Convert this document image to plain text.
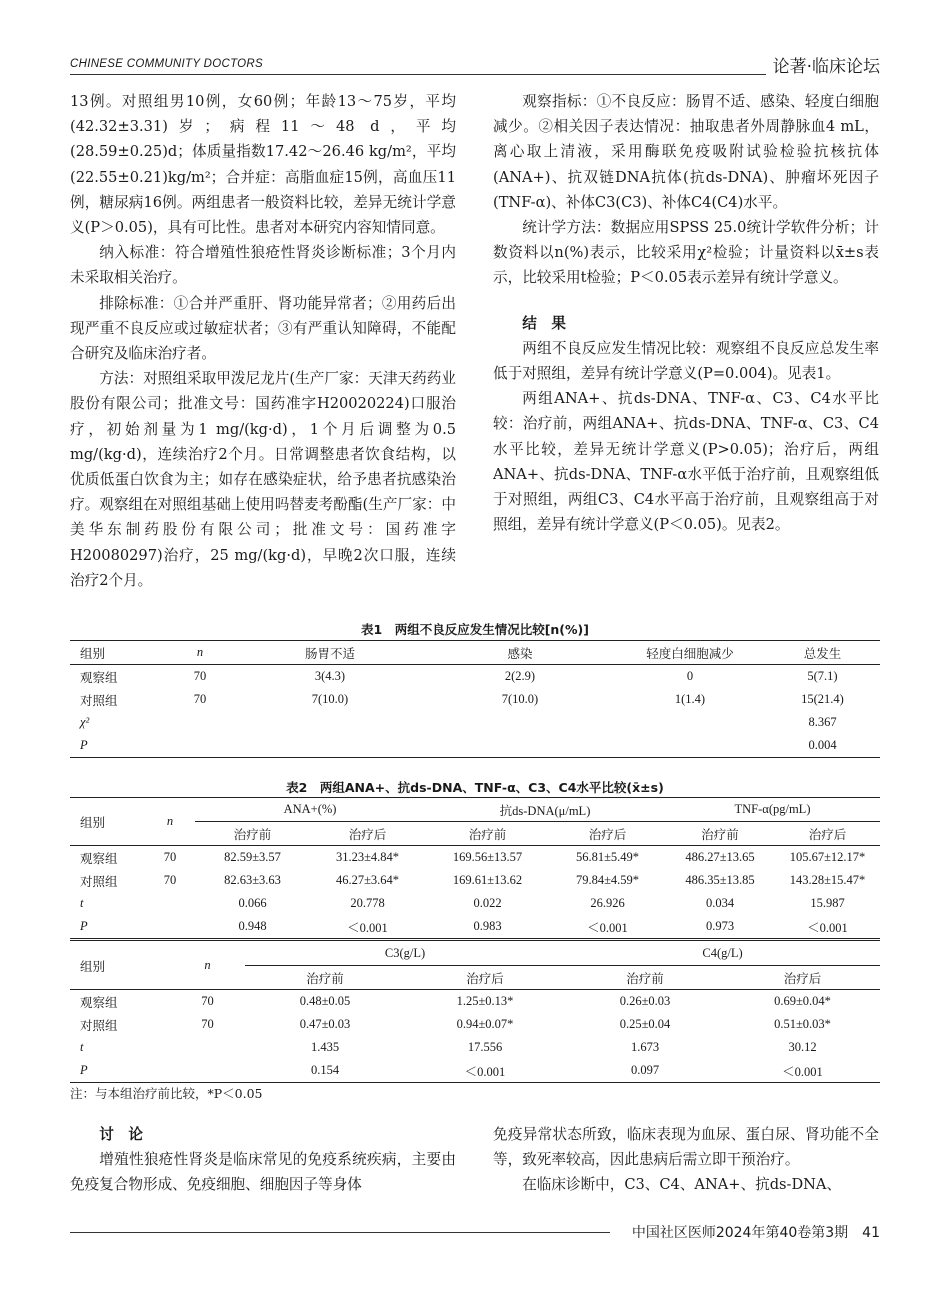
CHINESE COMMUNITY DOCTORS	论著·临床论坛

13例。对照组男10例，女60例；年龄13～75岁，平均(42.32±3.31)岁；病程11～48 d，平均(28.59±0.25)d；体质量指数17.42～26.46 kg/m²，平均(22.55±0.21)kg/m²；合并症：高脂血症15例，高血压11例，糖尿病16例。两组患者一般资料比较，差异无统计学意义(P＞0.05)，具有可比性。患者对本研究内容知情同意。

纳入标准：符合增殖性狼疮性肾炎诊断标准；3个月内未采取相关治疗。

排除标准：①合并严重肝、肾功能异常者；②用药后出现严重不良反应或过敏症状者；③有严重认知障碍，不能配合研究及临床治疗者。

方法：对照组采取甲泼尼龙片(生产厂家：天津天药药业股份有限公司；批准文号：国药准字H20020224)口服治疗，初始剂量为1 mg/(kg·d)，1个月后调整为0.5 mg/(kg·d)，连续治疗2个月。日常调整患者饮食结构，以优质低蛋白饮食为主；如存在感染症状，给予患者抗感染治疗。观察组在对照组基础上使用吗替麦考酚酯(生产厂家：中美华东制药股份有限公司；批准文号：国药准字H20080297)治疗，25 mg/(kg·d)，早晚2次口服，连续治疗2个月。

观察指标：①不良反应：肠胃不适、感染、轻度白细胞减少。②相关因子表达情况：抽取患者外周静脉血4 mL，离心取上清液，采用酶联免疫吸附试验检验抗核抗体(ANA+)、抗双链DNA抗体(抗ds-DNA)、肿瘤坏死因子(TNF-α)、补体C3(C3)、补体C4(C4)水平。

统计学方法：数据应用SPSS 25.0统计学软件分析；计数资料以n(%)表示，比较采用χ²检验；计量资料以x̄±s表示，比较采用t检验；P＜0.05表示差异有统计学意义。

结　果

两组不良反应发生情况比较：观察组不良反应总发生率低于对照组，差异有统计学意义(P=0.004)。见表1。

两组ANA+、抗ds-DNA、TNF-α、C3、C4水平比较：治疗前，两组ANA+、抗ds-DNA、TNF-α、C3、C4水平比较，差异无统计学意义(P>0.05)；治疗后，两组ANA+、抗ds-DNA、TNF-α水平低于治疗前，且观察组低于对照组，两组C3、C4水平高于治疗前，且观察组高于对照组，差异有统计学意义(P＜0.05)。见表2。

表1　两组不良反应发生情况比较[n(%)]
组别	n	肠胃不适	感染	轻度白细胞减少	总发生
观察组	70	3(4.3)	2(2.9)	0	5(7.1)
对照组	70	7(10.0)	7(10.0)	1(1.4)	15(21.4)
χ²					8.367
P					0.004
表2　两组ANA+、抗ds-DNA、TNF-α、C3、C4水平比较(x̄±s)
组别	n	ANA+(%)		抗ds-DNA(μ/mL)		TNF-α(pg/mL)	
		治疗前	治疗后	治疗前	治疗后	治疗前	治疗后
观察组	70	82.59±3.57	31.23±4.84*	169.56±13.57	56.81±5.49*	486.27±13.65	105.67±12.17*
对照组	70	82.63±3.63	46.27±3.64*	169.61±13.62	79.84±4.59*	486.35±13.85	143.28±15.47*
t		0.066	20.778	0.022	26.926	0.034	15.987
P		0.948	＜0.001	0.983	＜0.001	0.973	＜0.001
组别	n	C3(g/L)		C4(g/L)	
		治疗前	治疗后	治疗前	治疗后
观察组	70	0.48±0.05	1.25±0.13*	0.26±0.03	0.69±0.04*
对照组	70	0.47±0.03	0.94±0.07*	0.25±0.04	0.51±0.03*
t		1.435	17.556	1.673	30.12
P		0.154	＜0.001	0.097	＜0.001
注：与本组治疗前比较，*P＜0.05

讨　论

增殖性狼疮性肾炎是临床常见的免疫系统疾病，主要由免疫复合物形成、免疫细胞、细胞因子等身体

免疫异常状态所致，临床表现为血尿、蛋白尿、肾功能不全等，致死率较高，因此患病后需立即干预治疗。

在临床诊断中，C3、C4、ANA+、抗ds-DNA、

中国社区医师2024年第40卷第3期　41
